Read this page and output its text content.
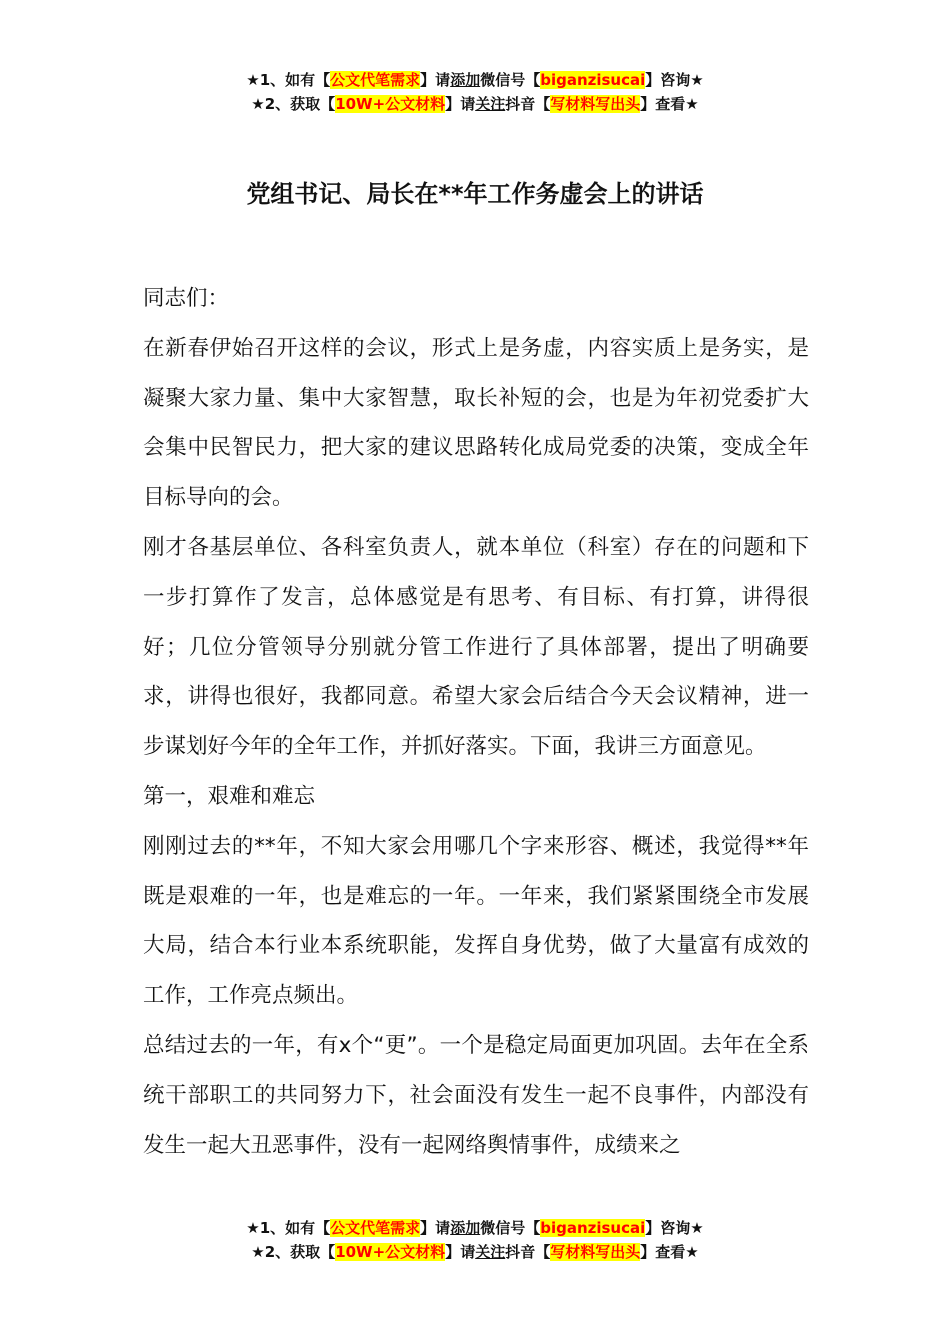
★1、如有【公文代笔需求】请添加微信号【biganzisucai】咨询★
★2、获取【10W+公文材料】请关注抖音【写材料写出头】查看★
党组书记、局长在**年工作务虚会上的讲话

同志们：

在新春伊始召开这样的会议，形式上是务虚，内容实质上是务实，是凝聚大家力量、集中大家智慧，取长补短的会，也是为年初党委扩大会集中民智民力，把大家的建议思路转化成局党委的决策，变成全年目标导向的会。

刚才各基层单位、各科室负责人，就本单位（科室）存在的问题和下一步打算作了发言，总体感觉是有思考、有目标、有打算，讲得很好；几位分管领导分别就分管工作进行了具体部署，提出了明确要求，讲得也很好，我都同意。希望大家会后结合今天会议精神，进一步谋划好今年的全年工作，并抓好落实。下面，我讲三方面意见。

第一，艰难和难忘

刚刚过去的**年，不知大家会用哪几个字来形容、概述，我觉得**年既是艰难的一年，也是难忘的一年。一年来，我们紧紧围绕全市发展大局，结合本行业本系统职能，发挥自身优势，做了大量富有成效的工作，工作亮点频出。

总结过去的一年，有x个“更”。一个是稳定局面更加巩固。去年在全系统干部职工的共同努力下，社会面没有发生一起不良事件，内部没有发生一起大丑恶事件，没有一起网络舆情事件，成绩来之

★1、如有【公文代笔需求】请添加微信号【biganzisucai】咨询★
★2、获取【10W+公文材料】请关注抖音【写材料写出头】查看★
